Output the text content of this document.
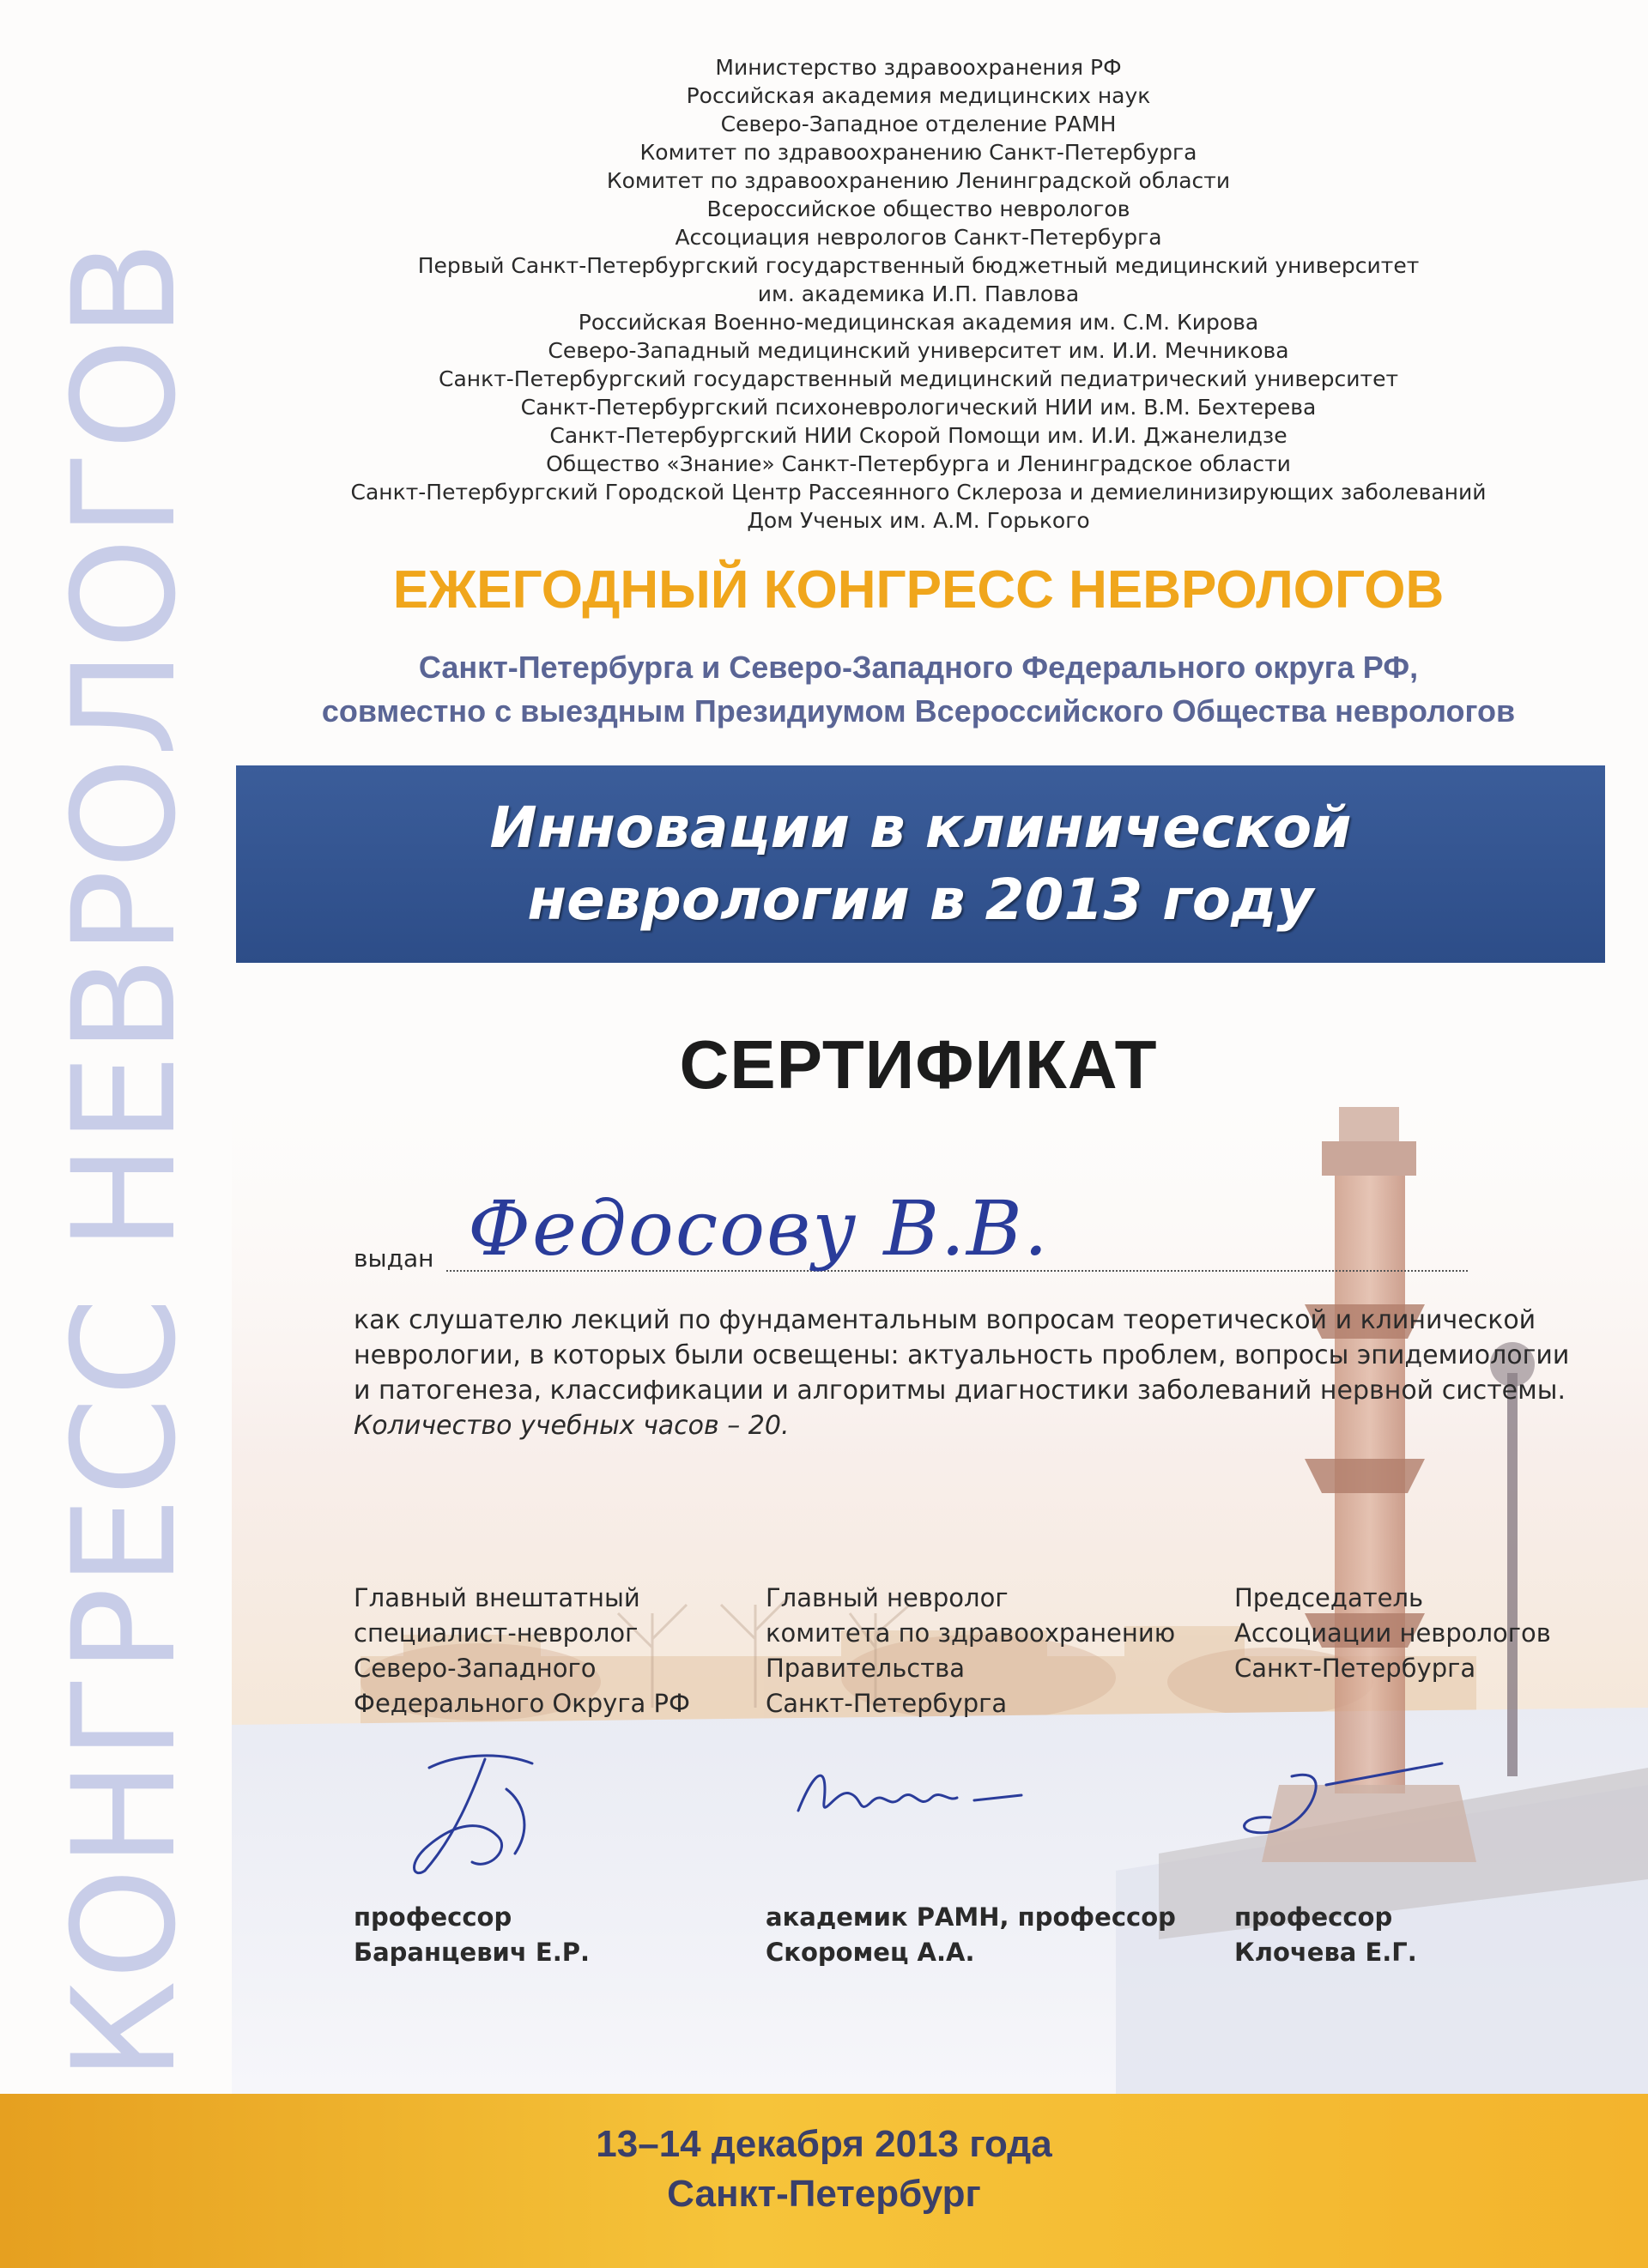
КОНГРЕСС НЕВРОЛОГОВ
Министерство здравоохранения РФ
Российская академия медицинских наук
Северо-Западное отделение РАМН
Комитет по здравоохранению Санкт-Петербурга
Комитет по здравоохранению Ленинградской области
Всероссийское общество неврологов
Ассоциация неврологов Санкт-Петербурга
Первый Санкт-Петербургский государственный бюджетный медицинский университет
им. академика И.П. Павлова
Российская Военно-медицинская академия им. С.М. Кирова
Северо-Западный медицинский университет им. И.И. Мечникова
Санкт-Петербургский государственный медицинский педиатрический университет
Санкт-Петербургский психоневрологический НИИ им. В.М. Бехтерева
Санкт-Петербургский НИИ Скорой Помощи им. И.И. Джанелидзе
Общество «Знание» Санкт-Петербурга и Ленинградское области
Санкт-Петербургский Городской Центр Рассеянного Склероза и демиелинизирующих заболеваний
Дом Ученых им. А.М. Горького
ЕЖЕГОДНЫЙ КОНГРЕСС НЕВРОЛОГОВ
Санкт-Петербурга и Северо-Западного Федерального округа РФ,
совместно с выездным Президиумом Всероссийского Общества неврологов
Инновации в клинической
неврологии в 2013 году
СЕРТИФИКАТ
Федосову В.В.
выдан

как слушателю лекций по фундаментальным вопросам теоретической и клинической

неврологии, в которых были освещены: актуальность проблем, вопросы эпидемиологии

и патогенеза, классификации и алгоритмы диагностики заболеваний нервной системы.

Количество учебных часов – 20.

Главный внештатный
специалист-невролог
Северо-Западного
Федерального Округа РФ
профессор
Баранцевич Е.Р.
Главный невролог
комитета по здравоохранению
Правительства
Санкт-Петербурга
академик РАМН, профессор
Скоромец А.А.
Председатель
Ассоциации неврологов
Санкт-Петербурга
профессор
Клочева Е.Г.
13–14 декабря 2013 года
Санкт-Петербург
